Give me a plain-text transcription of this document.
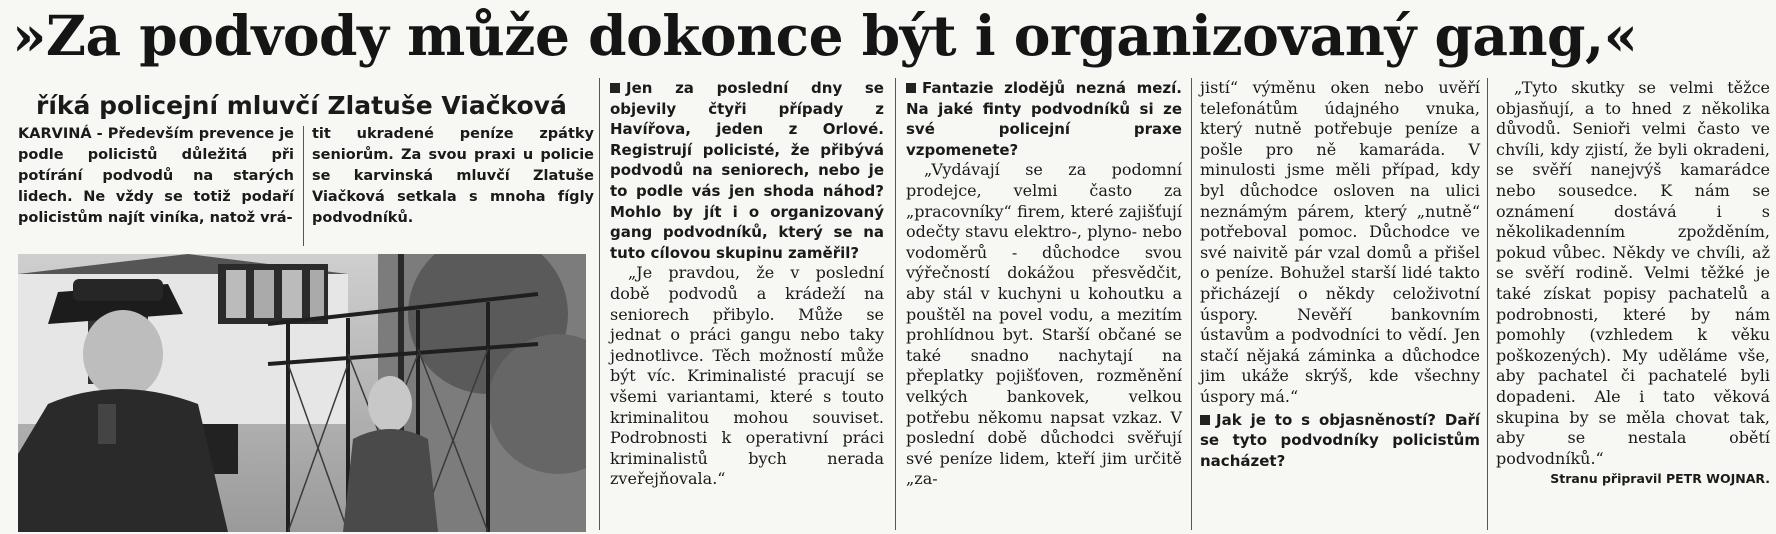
»Za podvody může dokonce být i organizovaný gang,«
říká policejní mluvčí Zlatuše Viačková
KARVINÁ - Především prevence je podle policistů důležitá při potírání podvodů na starých lidech. Ne vždy se totiž podaří policistům najít viníka, natož vrá-
tit ukradené peníze zpátky seniorům. Za svou praxi u policie se karvinská mluvčí Zlatuše Viačková setkala s mnoha fígly podvodníků.

Jen za poslední dny se objevily čtyři případy z Havířova, jeden z Orlové. Registrují policisté, že přibývá podvodů na seniorech, nebo je to podle vás jen shoda náhod? Mohlo by jít i o organizovaný gang podvodníků, který se na tuto cílovou skupinu zaměřil?

„Je pravdou, že v poslední době podvodů a krádeží na seniorech přibylo. Může se jednat o práci gangu nebo taky jednotlivce. Těch možností může být víc. Kriminalisté pracují se všemi variantami, které s touto kriminalitou mohou souviset. Podrobnosti k operativní práci kriminalistů bych nerada zveřejňovala.“

Fantazie zlodějů nezná mezí. Na jaké finty podvodníků si ze své policejní praxe vzpomenete?

„Vydávají se za podomní prodejce, velmi často za „pracovníky“ firem, které zajišťují odečty stavu elektro-, plyno- nebo vodoměrů - důchodce svou výřečností dokážou přesvědčit, aby stál v kuchyni u kohoutku a pouštěl na povel vodu, a mezitím prohlídnou byt. Starší občané se také snadno nachytají na přeplatky pojišťoven, rozměnění velkých bankovek, velkou potřebu někomu napsat vzkaz. V poslední době důchodci svěřují své peníze lidem, kteří jim určitě „za-

jistí“ výměnu oken nebo uvěří telefonátům údajného vnuka, který nutně potřebuje peníze a pošle pro ně kamaráda. V minulosti jsme měli případ, kdy byl důchodce osloven na ulici neznámým párem, který „nutně“ potřeboval pomoc. Důchodce ve své naivitě pár vzal domů a přišel o peníze. Bohužel starší lidé takto přicházejí o někdy celoživotní úspory. Nevěří bankovním ústavům a podvodníci to vědí. Jen stačí nějaká záminka a důchodce jim ukáže skrýš, kde všechny úspory má.“

Jak je to s objasněností? Daří se tyto podvodníky policistům nacházet?

„Tyto skutky se velmi těžce objasňují, a to hned z několika důvodů. Senioři velmi často ve chvíli, kdy zjistí, že byli okradeni, se svěří nanejvýš kamarádce nebo sousedce. K nám se oznámení dostává i s několikadenním zpožděním, pokud vůbec. Někdy ve chvíli, až se svěří rodině. Velmi těžké je také získat popisy pachatelů a podrobnosti, které by nám pomohly (vzhledem k věku poškozených). My uděláme vše, aby pachatel či pachatelé byli dopadeni. Ale i tato věková skupina by se měla chovat tak, aby se nestala obětí podvodníků.“

Stranu připravil PETR WOJNAR.
